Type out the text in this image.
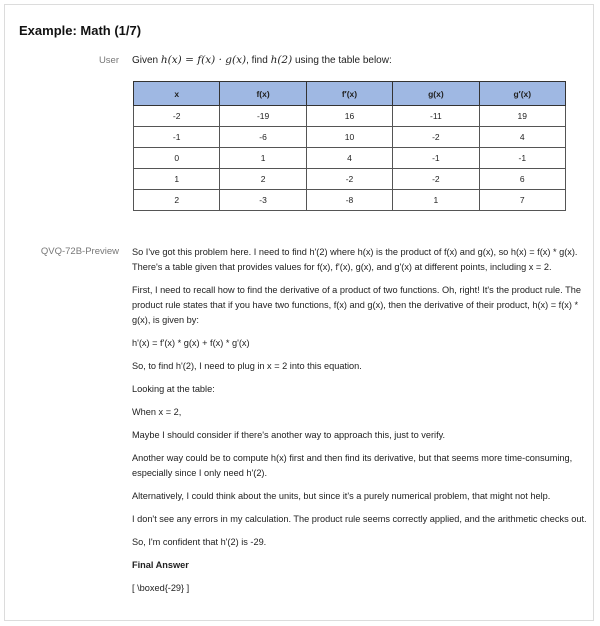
Example: Math (1/7)
User Given h(x) = f(x) · g(x), find h(2) using the table below:
x	f(x)	f′(x)	g(x)	g′(x)
-2	-19	16	-11	19
-1	-6	10	-2	4
0	1	4	-1	-1
1	2	-2	-2	6
2	-3	-8	1	7
QVQ-72B-Preview So I've got this problem here. I need to find h'(2) where h(x) is the product of f(x) and g(x), so h(x) = f(x) * g(x). There's a table given that provides values for f(x), f'(x), g(x), and g'(x) at different points, including x = 2.

First, I need to recall how to find the derivative of a product of two functions. Oh, right! It's the product rule. The product rule states that if you have two functions, f(x) and g(x), then the derivative of their product, h(x) = f(x) * g(x), is given by:

h'(x) = f'(x) * g(x) + f(x) * g'(x)

So, to find h'(2), I need to plug in x = 2 into this equation.

Looking at the table:

When x = 2,

Maybe I should consider if there's another way to approach this, just to verify.

Another way could be to compute h(x) first and then find its derivative, but that seems more time-consuming, especially since I only need h'(2).

Alternatively, I could think about the units, but since it's a purely numerical problem, that might not help.

I don't see any errors in my calculation. The product rule seems correctly applied, and the arithmetic checks out.

So, I'm confident that h'(2) is -29.

Final Answer

[ \boxed{-29} ]
